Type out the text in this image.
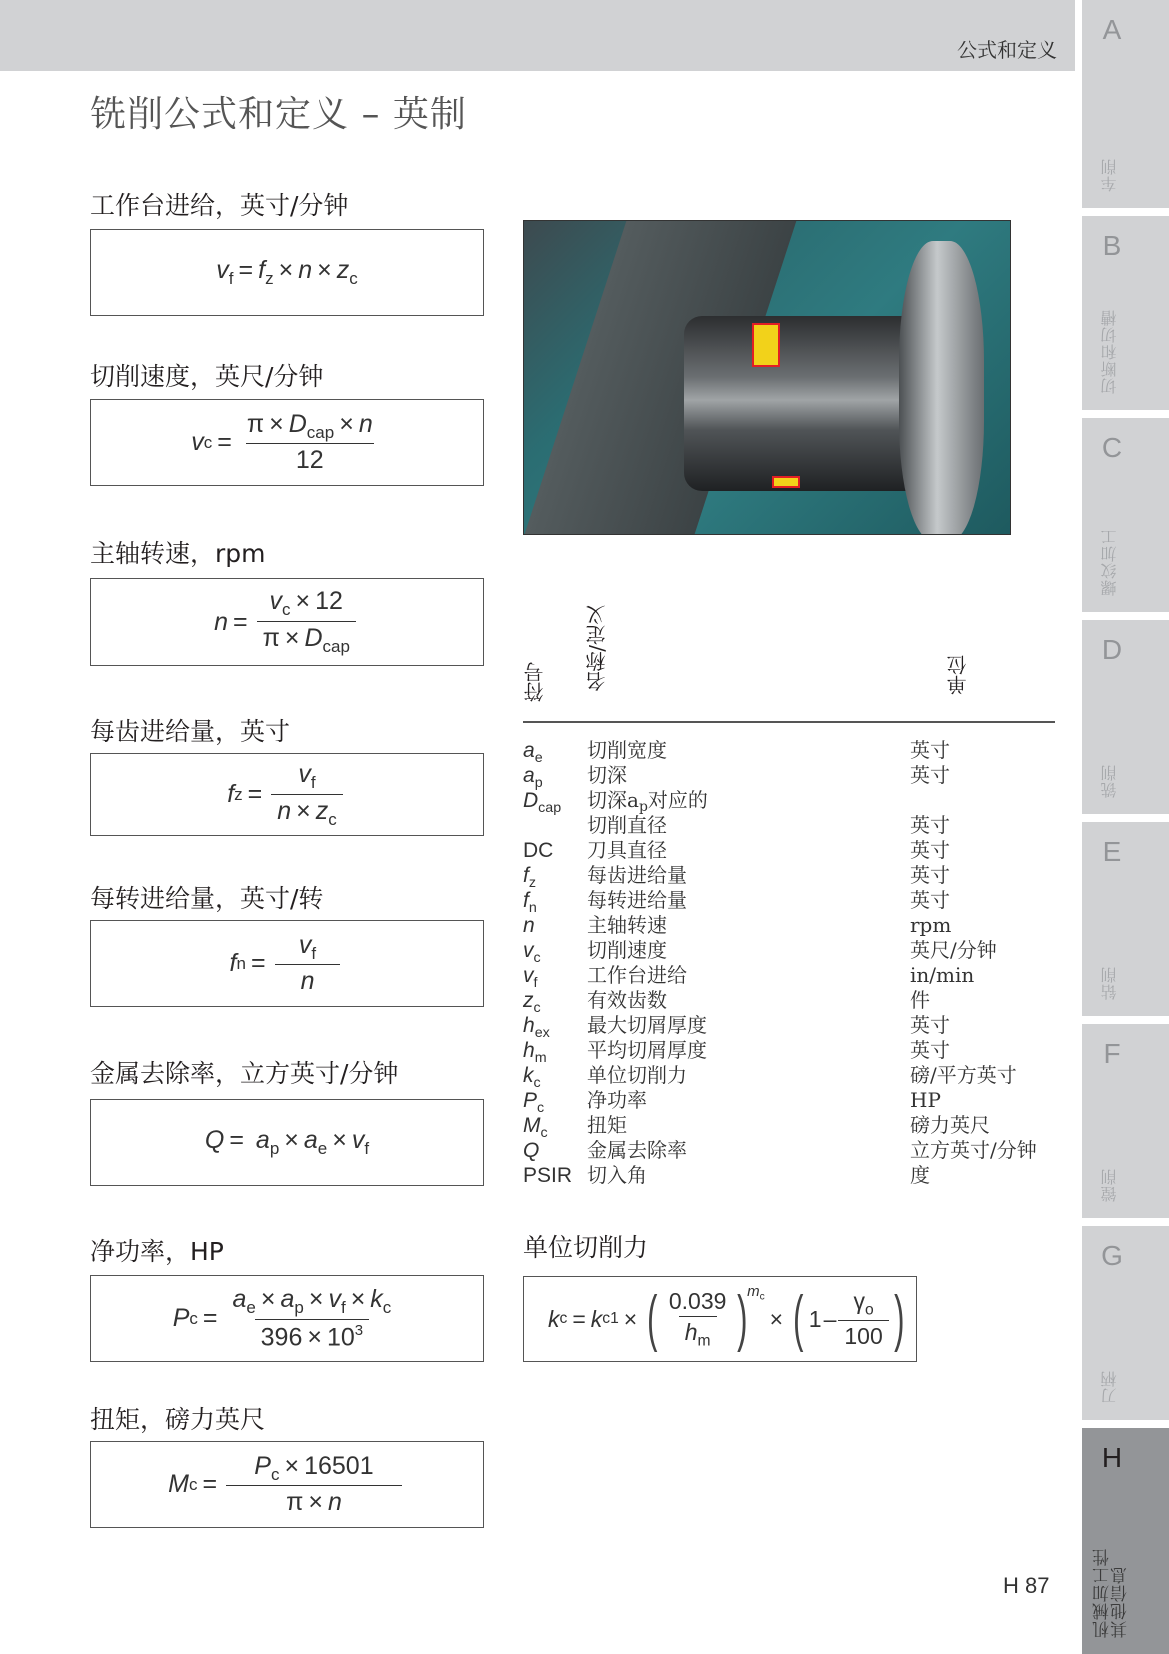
公式和定义
铣削公式和定义 – 英制
A
车削
B
切断和切槽
C
螺纹加工
D
铣削
E
钻削
F
镗削
G
刀柄
H
机械加工性
其他信息
工作台进给，英寸/分钟
$v_f = f_z \times n \times z_c$
切削速度，英尺/分钟
v $c = \frac{\pi \times D_{cap} \times n}{12}$
主轴转速，rpm
$n = \frac{v_c \times 12}{\pi \times D_{cap}}$
每齿进给量，英寸
f $z = \frac{v_f}{n \times z_c}$
每转进给量，英寸/转
f $n = \frac{v_f}{n}$
金属去除率，立方英寸/分钟
$Q = a_p \times a_e \times v_f$
净功率，HP
P $c = \frac{a_e \times a_p \times v_f \times k_c}{396 \times 10^3}$
扭矩，磅力英尺
M $c = \frac{P_c \times 16501}{\pi \times n}$
符号 名称/定义	单位
$a_e$	切削宽度	英寸
$a_p$	切深	英寸
$D_{cap}$	切深$a_p$对应的
切削直径	英寸
DC	刀具直径	英寸
$f_z$	每齿进给量	英寸
$f_n$	每转进给量	英寸
n	主轴转速	rpm
$v_c$	切削速度	英尺/分钟
$v_f$	工作台进给	in/min
$z_c$	有效齿数	件
$h_{ex}$	最大切屑厚度	英寸
$h_m$	平均切屑厚度	英寸
$k_c$	单位切削力	磅/平方英寸
$P_c$	净功率	HP
$M_c$	扭矩	磅力英尺
Q	金属去除率	立方英寸/分钟
PSIR 切入角	度
单位切削力
k c = k c1 × ( $\frac{0.039}{h_m}$ ) $m_c$
× ( $1 - \frac{\gamma_o}{100}$ )
H 87
